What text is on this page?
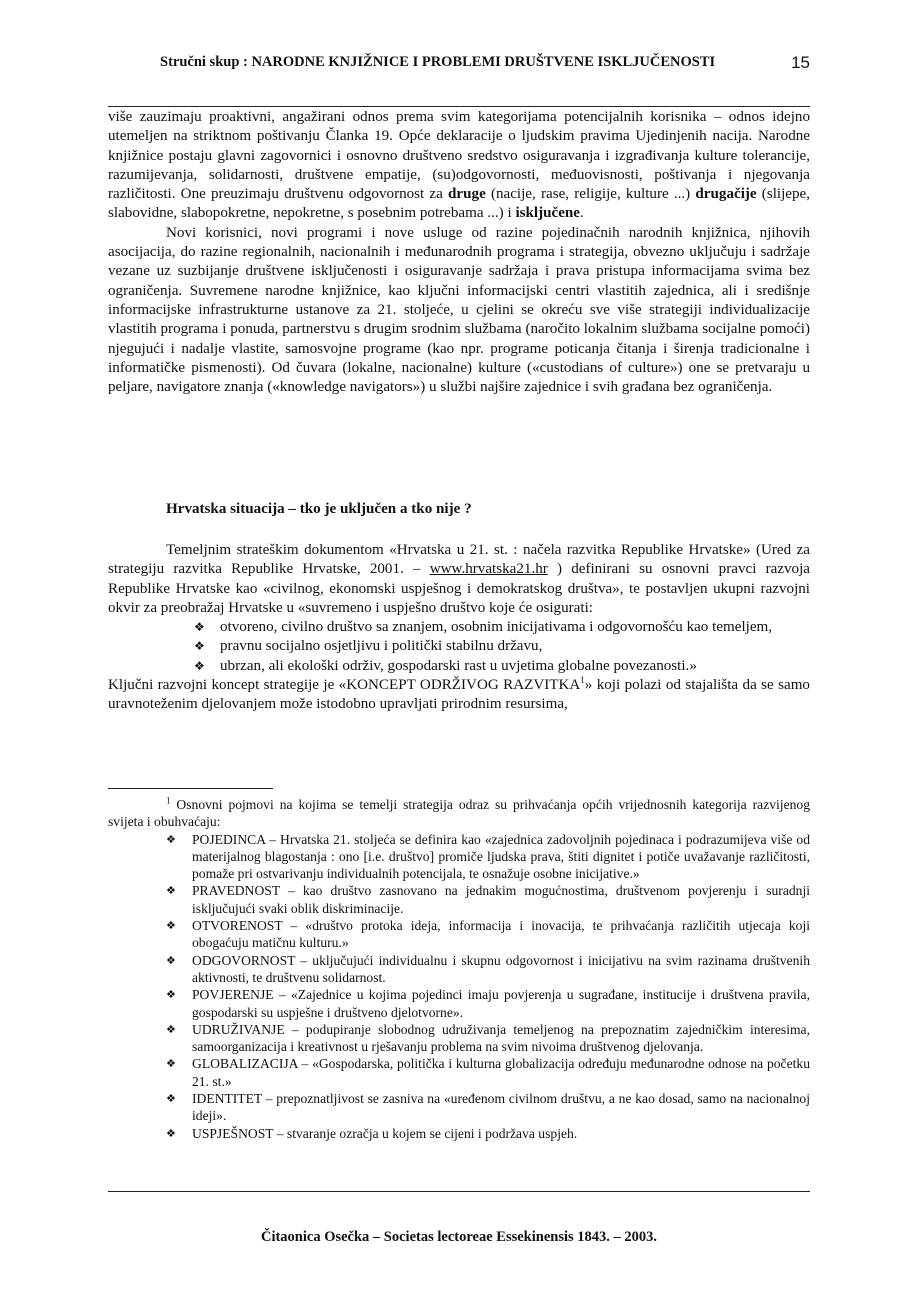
Stručni skup : NARODNE KNJIŽNICE I PROBLEMI DRUŠTVENE ISKLJUČENOSTI	15

više zauzimaju proaktivni, angažirani odnos prema svim kategorijama potencijalnih korisnika – odnos idejno utemeljen na striktnom poštivanju Članka 19. Opće deklaracije o ljudskim pravima Ujedinjenih nacija. Narodne knjižnice postaju glavni zagovornici i osnovno društveno sredstvo osiguravanja i izgrađivanja kulture tolerancije, razumijevanja, solidarnosti, društvene empatije, (su)odgovornosti, međuovisnosti, poštivanja i njegovanja različitosti. One preuzimaju društvenu odgovornost za druge (nacije, rase, religije, kulture ...) drugačije (slijepe, slabovidne, slabopokretne, nepokretne, s posebnim potrebama ...) i isključene.

Novi korisnici, novi programi i nove usluge od razine pojedinačnih narodnih knjižnica, njihovih asocijacija, do razine regionalnih, nacionalnih i međunarodnih programa i strategija, obvezno uključuju i sadržaje vezane uz suzbijanje društvene isključenosti i osiguravanje sadržaja i prava pristupa informacijama svima bez ograničenja. Suvremene narodne knjižnice, kao ključni informacijski centri vlastitih zajednica, ali i središnje informacijske infrastrukturne ustanove za 21. stoljeće, u cjelini se okreću sve više strategiji individualizacije vlastitih programa i ponuda, partnerstvu s drugim srodnim službama (naročito lokalnim službama socijalne pomoći) njegujući i nadalje vlastite, samosvojne programe (kao npr. programe poticanja čitanja i širenja tradicionalne i informatičke pismenosti). Od čuvara (lokalne, nacionalne) kulture («custodians of culture») one se pretvaraju u peljare, navigatore znanja («knowledge navigators») u službi najšire zajednice i svih građana bez ograničenja.

Hrvatska situacija – tko je uključen a tko nije ?

Temeljnim strateškim dokumentom «Hrvatska u 21. st. : načela razvitka Republike Hrvatske» (Ured za strategiju razvitka Republike Hrvatske, 2001. – www.hrvatska21.hr ) definirani su osnovni pravci razvoja Republike Hrvatske kao «civilnog, ekonomski uspješnog i demokratskog društva», te postavljen ukupni razvojni okvir za preobražaj Hrvatske u «suvremeno i uspješno društvo koje će osigurati:

❖ otvoreno, civilno društvo sa znanjem, osobnim inicijativama i odgovornošću kao temeljem,
❖ pravnu socijalno osjetljivu i politički stabilnu državu,
❖ ubrzan, ali ekološki održiv, gospodarski rast u uvjetima globalne povezanosti.»

Ključni razvojni koncept strategije je «KONCEPT ODRŽIVOG RAZVITKA$^1$» koji polazi od stajališta da se samo uravnoteženim djelovanjem može istodobno upravljati prirodnim resursima,

$^1$ Osnovni pojmovi na kojima se temelji strategija odraz su prihvaćanja općih vrijednosnih kategorija razvijenog svijeta i obuhvaćaju:

❖ POJEDINCA – Hrvatska 21. stoljeća se definira kao «zajednica zadovoljnih pojedinaca i podrazumijeva više od materijalnog blagostanja : ono [i.e. društvo] promiče ljudska prava, štiti dignitet i potiče uvažavanje različitosti, pomaže pri ostvarivanju individualnih potencijala, te osnažuje osobne inicijative.»
❖ PRAVEDNOST – kao društvo zasnovano na jednakim mogućnostima, društvenom povjerenju i suradnji isključujući svaki oblik diskriminacije.
❖ OTVORENOST – «društvo protoka ideja, informacija i inovacija, te prihvaćanja različitih utjecaja koji obogaćuju matičnu kulturu.»
❖ ODGOVORNOST – uključujući individualnu i skupnu odgovornost i inicijativu na svim razinama društvenih aktivnosti, te društvenu solidarnost.
❖ POVJERENJE – «Zajednice u kojima pojedinci imaju povjerenja u sugrađane, institucije i društvena pravila, gospodarski su uspješne i društveno djelotvorne».
❖ UDRUŽIVANJE – podupiranje slobodnog udruživanja temeljenog na prepoznatim zajedničkim interesima, samoorganizacija i kreativnost u rješavanju problema na svim nivoima društvenog djelovanja.
❖ GLOBALIZACIJA – «Gospodarska, politička i kulturna globalizacija određuju međunarodne odnose na početku 21. st.»
❖ IDENTITET – prepoznatljivost se zasniva na «uređenom civilnom društvu, a ne kao dosad, samo na nacionalnoj ideji».
❖ USPJEŠNOST – stvaranje ozračja u kojem se cijeni i podržava uspjeh.
Čitaonica Osečka – Societas lectoreae Essekinensis 1843. – 2003.
